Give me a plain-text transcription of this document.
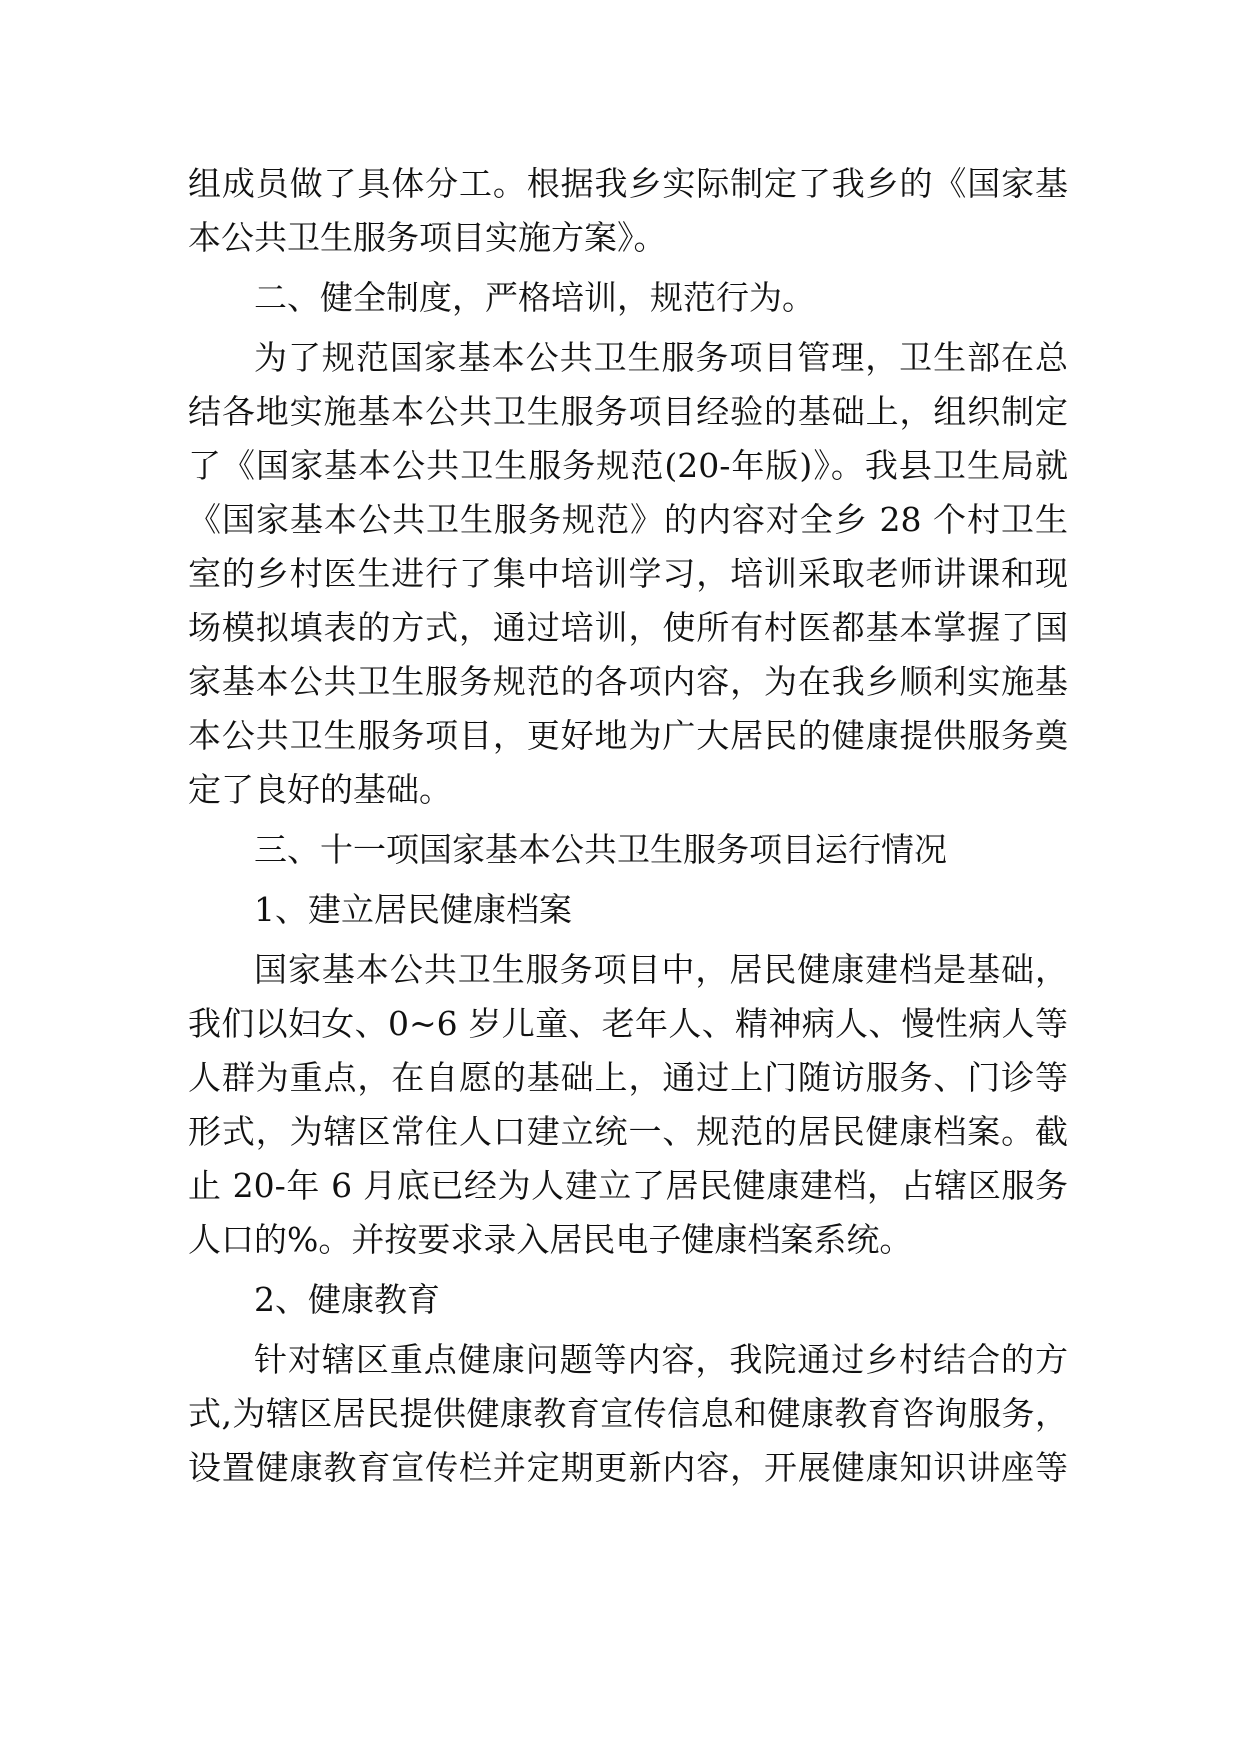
组成员做了具体分工。根据我乡实际制定了我乡的《国家基
本公共卫生服务项目实施方案》。
二、健全制度，严格培训，规范行为。
为了规范国家基本公共卫生服务项目管理，卫生部在总
结各地实施基本公共卫生服务项目经验的基础上，组织制定
了《国家基本公共卫生服务规范(20-年版)》。我县卫生局就
《国家基本公共卫生服务规范》的内容对全乡 28 个村卫生
室的乡村医生进行了集中培训学习，培训采取老师讲课和现
场模拟填表的方式，通过培训，使所有村医都基本掌握了国
家基本公共卫生服务规范的各项内容，为在我乡顺利实施基
本公共卫生服务项目，更好地为广大居民的健康提供服务奠
定了良好的基础。
三、十一项国家基本公共卫生服务项目运行情况
1、建立居民健康档案
国家基本公共卫生服务项目中，居民健康建档是基础，
我们以妇女、0~6 岁儿童、老年人、精神病人、慢性病人等
人群为重点，在自愿的基础上，通过上门随访服务、门诊等
形式，为辖区常住人口建立统一、规范的居民健康档案。截
止 20-年 6 月底已经为人建立了居民健康建档，占辖区服务
人口的%。并按要求录入居民电子健康档案系统。
2、健康教育
针对辖区重点健康问题等内容，我院通过乡村结合的方
式,为辖区居民提供健康教育宣传信息和健康教育咨询服务，
设置健康教育宣传栏并定期更新内容，开展健康知识讲座等
